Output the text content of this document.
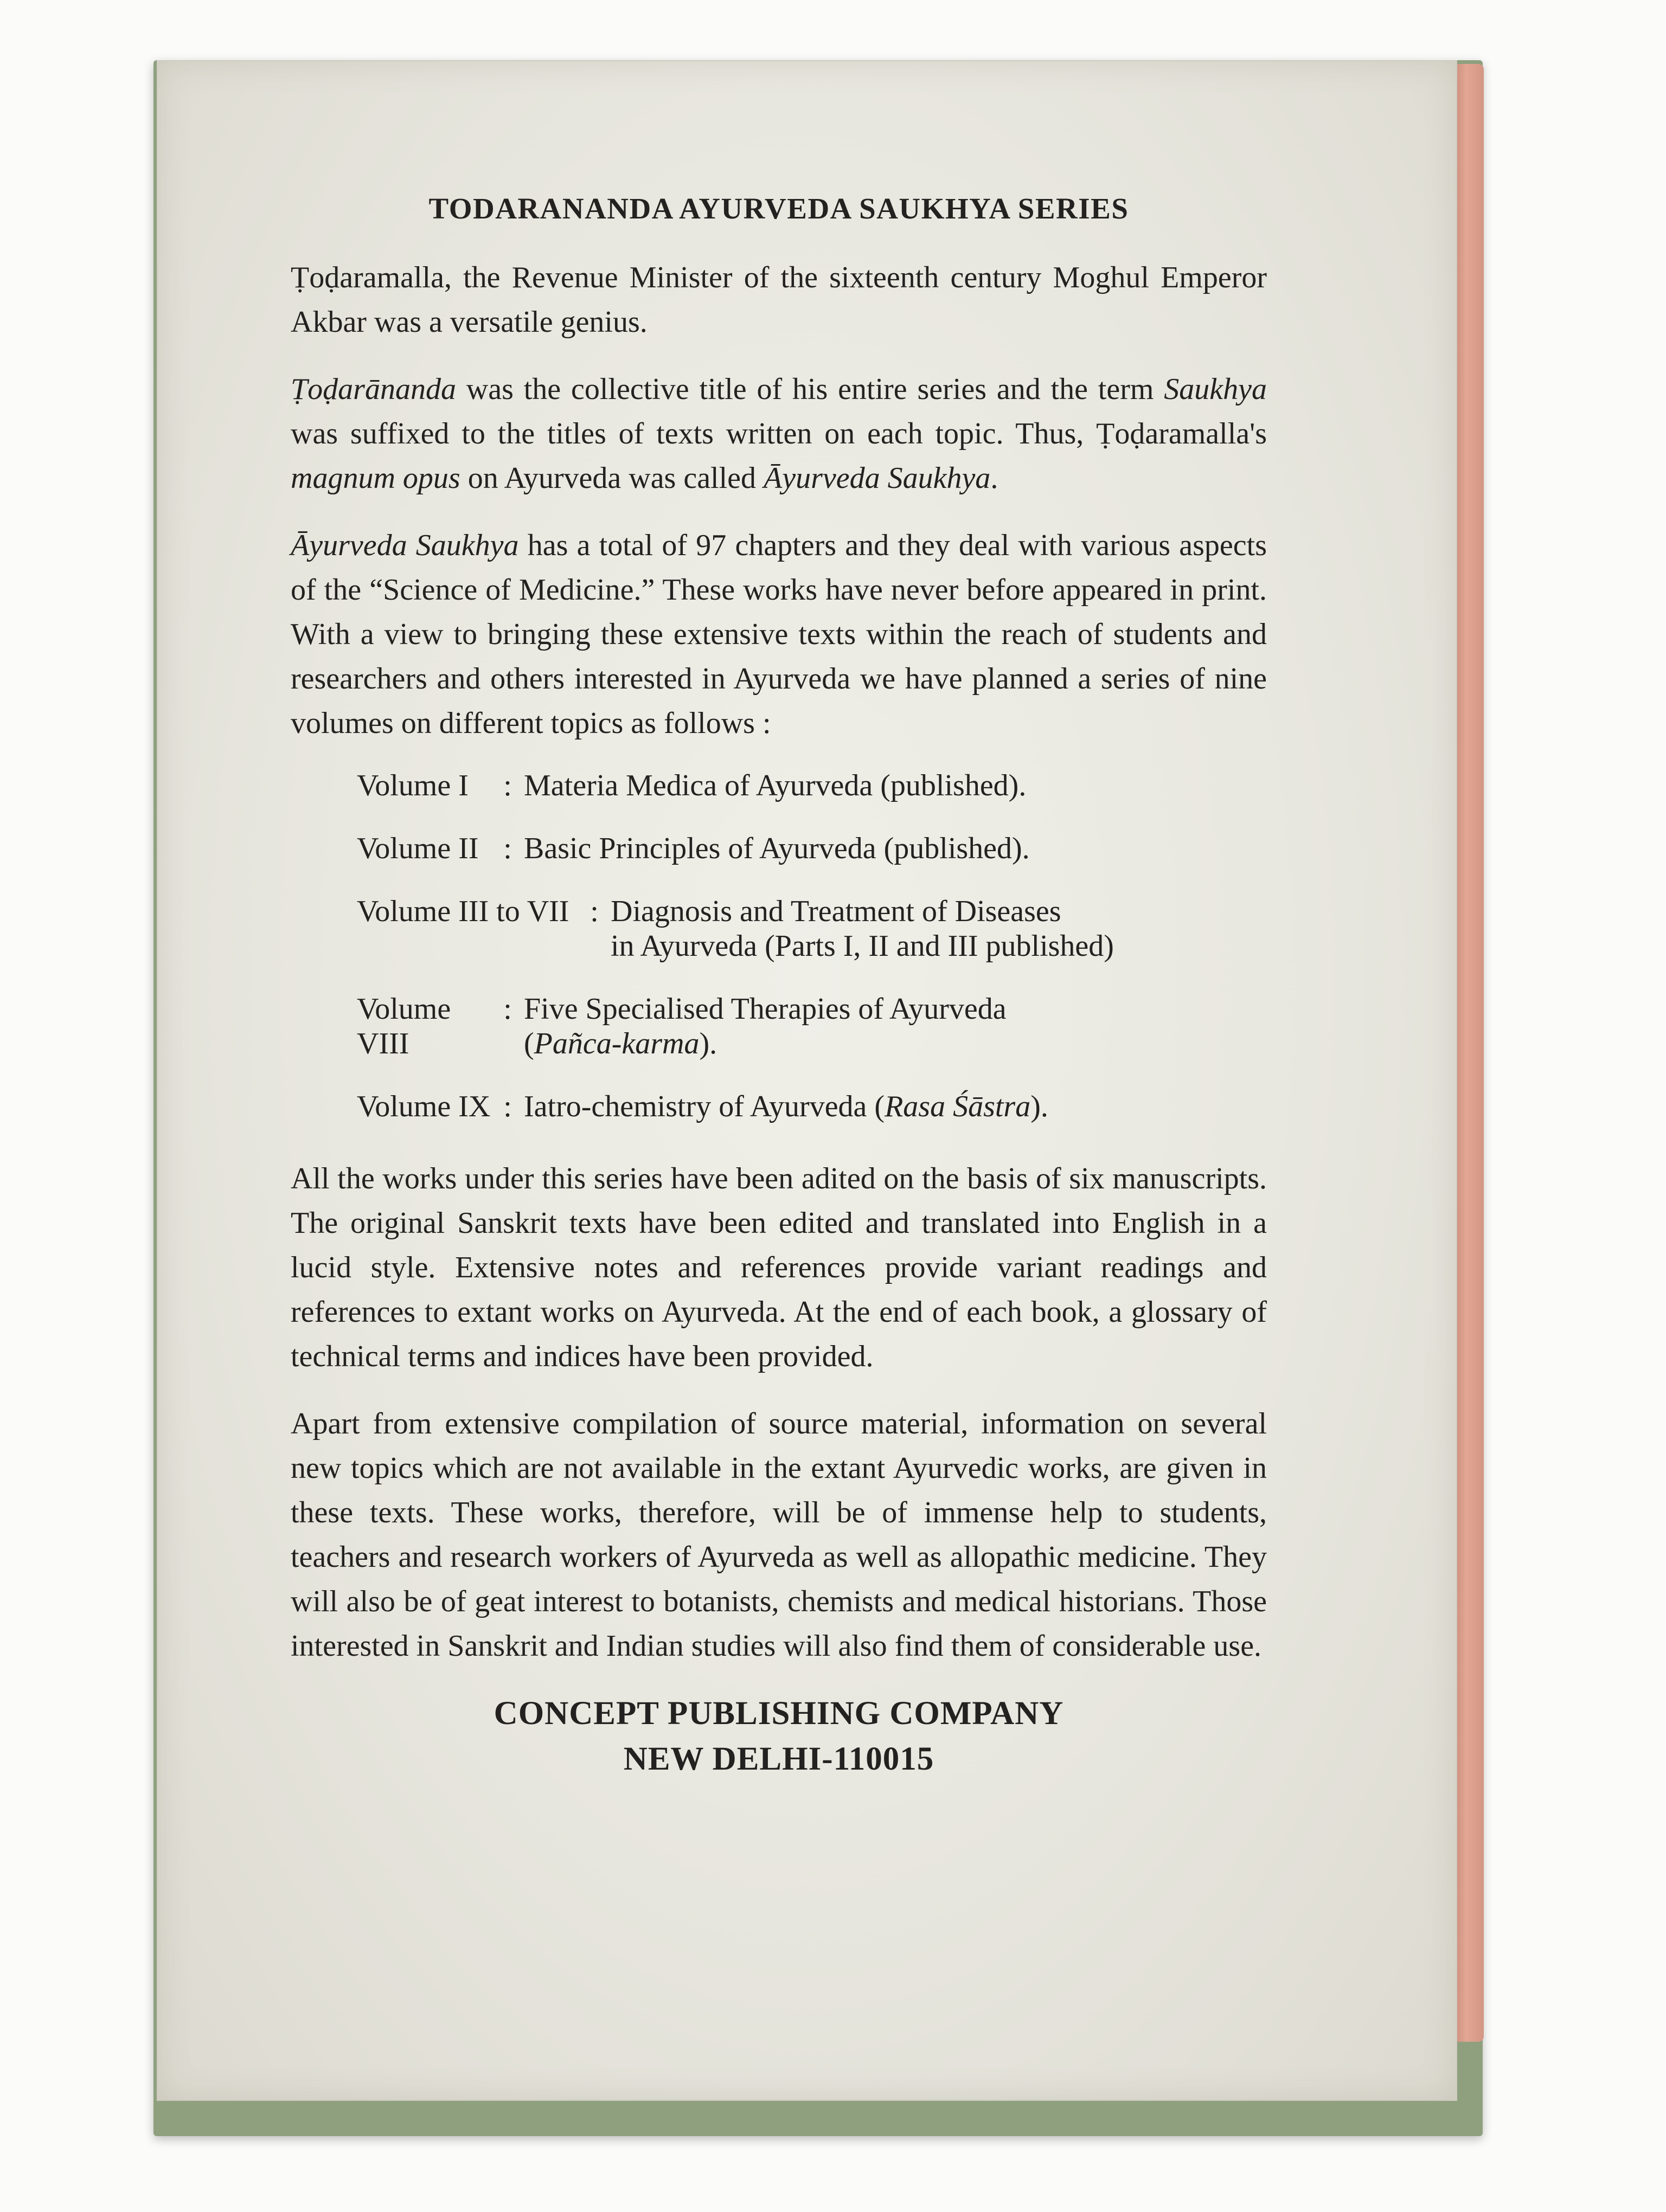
TODARANANDA AYURVEDA SAUKHYA SERIES

Ṭoḍaramalla, the Revenue Minister of the sixteenth century Moghul Emperor Akbar was a versatile genius.

Ṭoḍarānanda was the collective title of his entire series and the term Saukhya was suffixed to the titles of texts written on each topic. Thus, Ṭoḍaramalla's magnum opus on Ayurveda was called Āyurveda Saukhya.

Āyurveda Saukhya has a total of 97 chapters and they deal with various aspects of the “Science of Medicine.” These works have never before appeared in print. With a view to bringing these extensive texts within the reach of students and researchers and others interested in Ayurveda we have planned a series of nine volumes on different topics as follows :

Volume I	: Materia Medica of Ayurveda (published).
Volume II : Basic Principles of Ayurveda (published).
Volume III to VII : Diagnosis and Treatment of Diseases
in Ayurveda (Parts I, II and III published)
Volume VIII
: Five Specialised Therapies of Ayurveda
(Pañca-karma).
Volume IX : Iatro-chemistry of Ayurveda (Rasa Śāstra).

All the works under this series have been adited on the basis of six manuscripts. The original Sanskrit texts have been edited and translated into English in a lucid style. Extensive notes and references provide variant readings and references to extant works on Ayurveda. At the end of each book, a glossary of technical terms and indices have been provided.

Apart from extensive compilation of source material, information on several new topics which are not available in the extant Ayurvedic works, are given in these texts. These works, therefore, will be of immense help to students, teachers and research workers of Ayurveda as well as allopathic medicine. They will also be of geat interest to botanists, chemists and medical historians. Those interested in Sanskrit and Indian studies will also find them of considerable use.

CONCEPT PUBLISHING COMPANY
NEW DELHI-110015
